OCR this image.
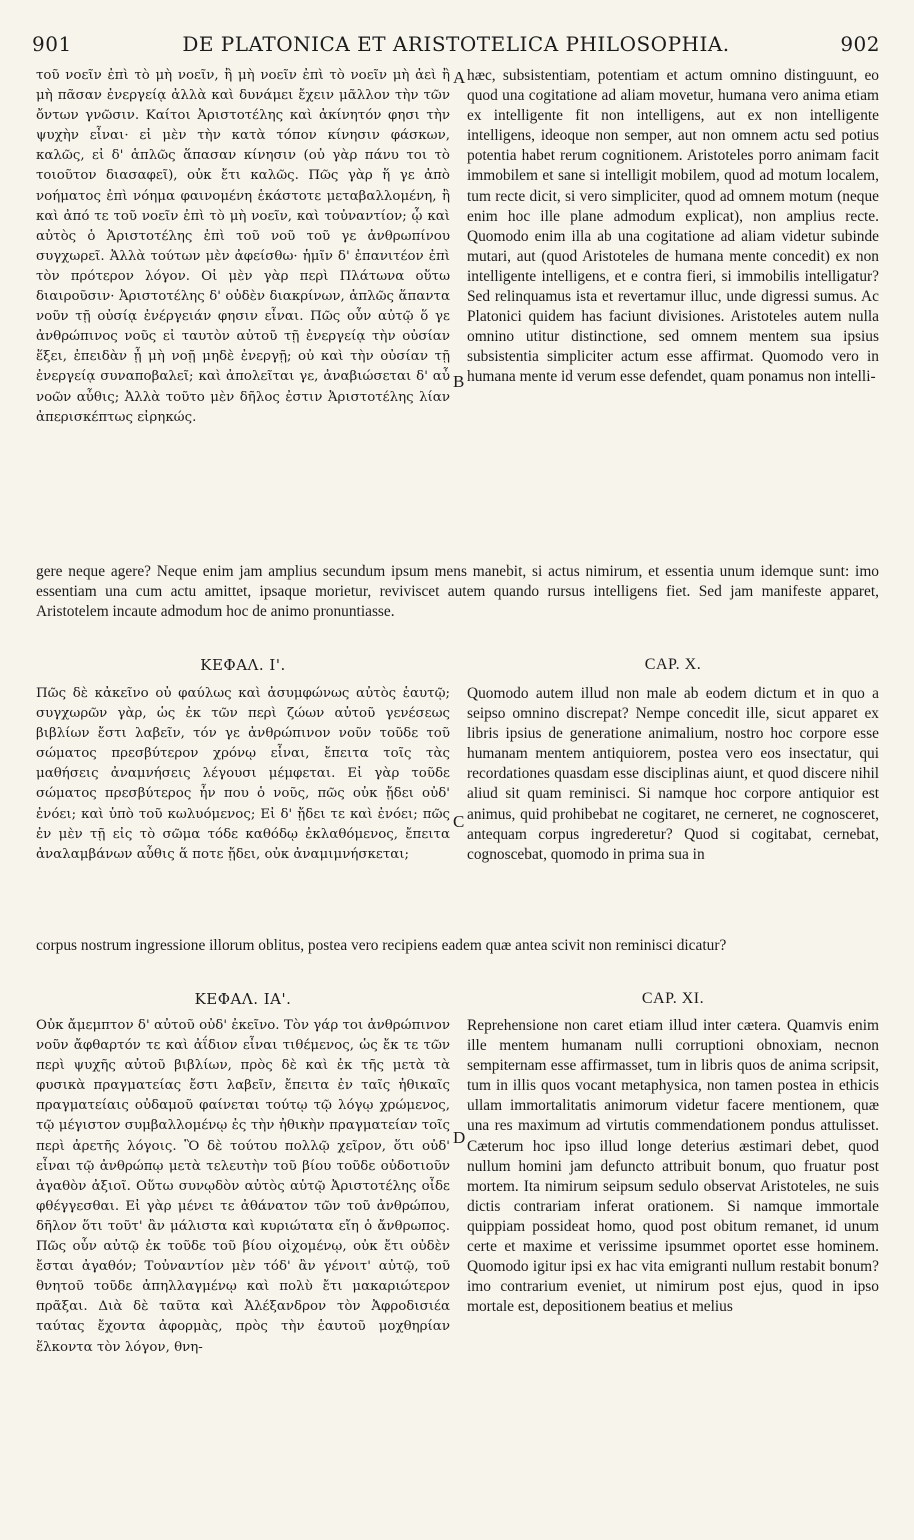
901	DE PLATONICA ET ARISTOTELICA PHILOSOPHIA.	902
A
B
C
D
τοῦ νοεῖν ἐπὶ τὸ μὴ νοεῖν, ἢ μὴ νοεῖν ἐπὶ τὸ νοεῖν μὴ ἀεὶ ἢ μὴ πᾶσαν ἐνεργείᾳ ἀλλὰ καὶ δυνάμει ἔχειν μᾶλλον τὴν τῶν ὄντων γνῶσιν. Καίτοι Ἀριστοτέλης καὶ ἀκίνητόν φησι τὴν ψυχὴν εἶναι· εἰ μὲν τὴν κατὰ τόπον κίνησιν φάσκων, καλῶς, εἰ δ' ἁπλῶς ἅπασαν κίνησιν (οὐ γὰρ πάνυ τοι τὸ τοιοῦτον διασαφεῖ), οὐκ ἔτι καλῶς. Πῶς γὰρ ἥ γε ἀπὸ νοήματος ἐπὶ νόημα φαινομένη ἑκάστοτε μεταβαλλομένη, ἢ καὶ ἀπό τε τοῦ νοεῖν ἐπὶ τὸ μὴ νοεῖν, καὶ τοὐναντίον; ᾧ καὶ αὐτὸς ὁ Ἀριστοτέλης ἐπὶ τοῦ νοῦ τοῦ γε ἀνθρωπίνου συγχωρεῖ. Ἀλλὰ τούτων μὲν ἀφείσθω· ἡμῖν δ' ἐπανιτέον ἐπὶ τὸν πρότερον λόγον. Οἱ μὲν γὰρ περὶ Πλάτωνα οὕτω διαιροῦσιν· Ἀριστοτέλης δ' οὐδὲν διακρίνων, ἁπλῶς ἅπαντα νοῦν τῇ οὐσίᾳ ἐνέργειάν φησιν εἶναι. Πῶς οὖν αὐτῷ ὅ γε ἀνθρώπινος νοῦς εἰ ταυτὸν αὐτοῦ τῇ ἐνεργείᾳ τὴν οὐσίαν ἕξει, ἐπειδὰν ᾖ μὴ νοῇ μηδὲ ἐνεργῇ; οὐ καὶ τὴν οὐσίαν τῇ ἐνεργείᾳ συναποβαλεῖ; καὶ ἀπολεῖται γε, ἀναβιώσεται δ' αὖ νοῶν αὖθις; Ἀλλὰ τοῦτο μὲν δῆλος ἐστιν Ἀριστοτέλης λίαν ἀπερισκέπτως εἰρηκώς.
hæc, subsistentiam, potentiam et actum omnino distinguunt, eo quod una cogitatione ad aliam movetur, humana vero anima etiam ex intelligente fit non intelligens, aut ex non intelligente intelligens, ideoque non semper, aut non omnem actu sed potius potentia habet rerum cognitionem. Aristoteles porro animam facit immobilem et sane si intelligit mobilem, quod ad motum localem, tum recte dicit, si vero simpliciter, quod ad omnem motum (neque enim hoc ille plane admodum explicat), non amplius recte. Quomodo enim illa ab una cogitatione ad aliam videtur subinde mutari, aut (quod Aristoteles de humana mente concedit) ex non intelligente intelligens, et e contra fieri, si immobilis intelligatur? Sed relinquamus ista et revertamur illuc, unde digressi sumus. Ac Platonici quidem has faciunt divisiones. Aristoteles autem nulla omnino utitur distinctione, sed omnem mentem sua ipsius subsistentia simpliciter actum esse affirmat. Quomodo vero in humana mente id verum esse defendet, quam ponamus non intelli-
gere neque agere? Neque enim jam amplius secundum ipsum mens manebit, si actus nimirum, et essentia unum idemque sunt: imo essentiam una cum actu amittet, ipsaque morietur, reviviscet autem quando rursus intelligens fiet. Sed jam manifeste apparet, Aristotelem incaute admodum hoc de animo pronuntiasse.
ΚΕΦΑΛ. Ι'.	CAP. X.
Πῶς δὲ κἀκεῖνο οὐ φαύλως καὶ ἀσυμφώνως αὐτὸς ἑαυτῷ; συγχωρῶν γὰρ, ὡς ἐκ τῶν περὶ ζώων αὐτοῦ γενέσεως βιβλίων ἔστι λαβεῖν, τόν γε ἀνθρώπινον νοῦν τοῦδε τοῦ σώματος πρεσβύτερον χρόνῳ εἶναι, ἔπειτα τοῖς τὰς μαθήσεις ἀναμνήσεις λέγουσι μέμφεται. Εἰ γὰρ τοῦδε σώματος πρεσβύτερος ἦν που ὁ νοῦς, πῶς οὐκ ᾔδει οὐδ' ἐνόει; καὶ ὑπὸ τοῦ κωλυόμενος; Εἰ δ' ᾔδει τε καὶ ἐνόει; πῶς ἐν μὲν τῇ εἰς τὸ σῶμα τόδε καθόδῳ ἐκλαθόμενος, ἔπειτα ἀναλαμβάνων αὖθις ἅ ποτε ᾔδει, οὐκ ἀναμιμνήσκεται;
Quomodo autem illud non male ab eodem dictum et in quo a seipso omnino discrepat? Nempe concedit ille, sicut apparet ex libris ipsius de generatione animalium, nostro hoc corpore esse humanam mentem antiquiorem, postea vero eos insectatur, qui recordationes quasdam esse disciplinas aiunt, et quod discere nihil aliud sit quam reminisci. Si namque hoc corpore antiquior est animus, quid prohibebat ne cogitaret, ne cerneret, ne cognosceret, antequam corpus ingrederetur? Quod si cogitabat, cernebat, cognoscebat, quomodo in prima sua in
corpus nostrum ingressione illorum oblitus, postea vero recipiens eadem quæ antea scivit non reminisci dicatur?
ΚΕΦΑΛ. ΙΑ'.	CAP. XI.
Οὐκ ἄμεμπτον δ' αὐτοῦ οὐδ' ἐκεῖνο. Τὸν γάρ τοι ἀνθρώπινον νοῦν ἄφθαρτόν τε καὶ ἀΐδιον εἶναι τιθέμενος, ὡς ἔκ τε τῶν περὶ ψυχῆς αὐτοῦ βιβλίων, πρὸς δὲ καὶ ἐκ τῆς μετὰ τὰ φυσικὰ πραγματείας ἔστι λαβεῖν, ἔπειτα ἐν ταῖς ἠθικαῖς πραγματείαις οὐδαμοῦ φαίνεται τούτῳ τῷ λόγῳ χρώμενος, τῷ μέγιστον συμβαλλομένῳ ἐς τὴν ἠθικὴν πραγματείαν τοῖς περὶ ἀρετῆς λόγοις. Ὃ δὲ τούτου πολλῷ χεῖρον, ὅτι οὐδ' εἶναι τῷ ἀνθρώπῳ μετὰ τελευτὴν τοῦ βίου τοῦδε οὐδοτιοῦν ἀγαθὸν ἀξιοῖ. Οὕτω συνῳδὸν αὐτὸς αὑτῷ Ἀριστοτέλης οἶδε φθέγγεσθαι. Εἰ γὰρ μένει τε ἀθάνατον τῶν τοῦ ἀνθρώπου, δῆλον ὅτι τοῦτ' ἂν μάλιστα καὶ κυριώτατα εἴη ὁ ἄνθρωπος. Πῶς οὖν αὐτῷ ἐκ τοῦδε τοῦ βίου οἰχομένῳ, οὐκ ἔτι οὐδὲν ἔσται ἀγαθόν; Τοὐναντίον μὲν τόδ' ἂν γένοιτ' αὐτῷ, τοῦ θνητοῦ τοῦδε ἀπηλλαγμένῳ καὶ πολὺ ἔτι μακαριώτερον πρᾶξαι. Διὰ δὲ ταῦτα καὶ Ἀλέξανδρον τὸν Ἀφροδισιέα ταύτας ἔχοντα ἀφορμὰς, πρὸς τὴν ἑαυτοῦ μοχθηρίαν ἕλκοντα τὸν λόγον, θνη-
Reprehensione non caret etiam illud inter cætera. Quamvis enim ille mentem humanam nulli corruptioni obnoxiam, necnon sempiternam esse affirmasset, tum in libris quos de anima scripsit, tum in illis quos vocant metaphysica, non tamen postea in ethicis ullam immortalitatis animorum videtur facere mentionem, quæ una res maximum ad virtutis commendationem pondus attulisset. Cæterum hoc ipso illud longe deterius æstimari debet, quod nullum homini jam defuncto attribuit bonum, quo fruatur post mortem. Ita nimirum seipsum sedulo observat Aristoteles, ne suis dictis contrariam inferat orationem. Si namque immortale quippiam possideat homo, quod post obitum remanet, id unum certe et maxime et verissime ipsummet oportet esse hominem. Quomodo igitur ipsi ex hac vita emigranti nullum restabit bonum? imo contrarium eveniet, ut nimirum post ejus, quod in ipso mortale est, depositionem beatius et melius
